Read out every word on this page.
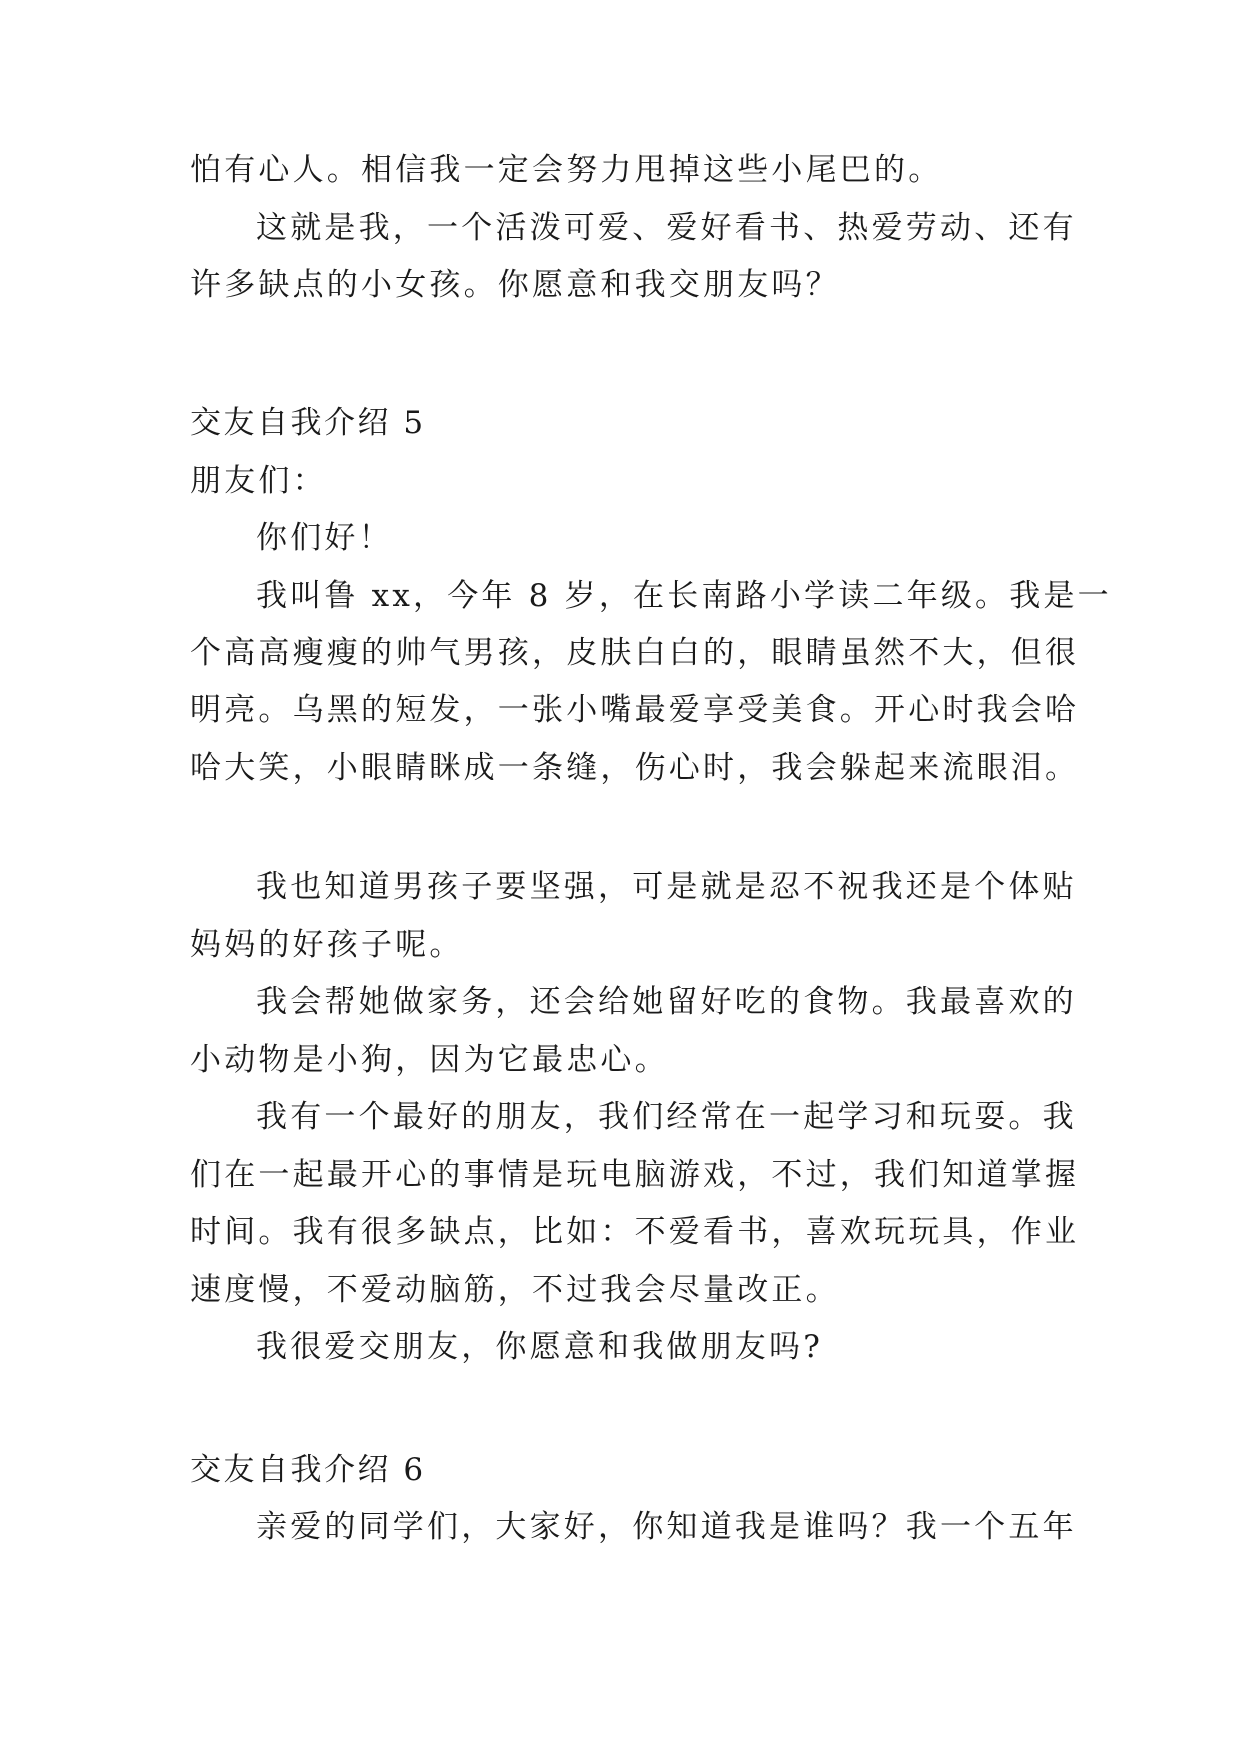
怕有心人。相信我一定会努力甩掉这些小尾巴的。
这就是我，一个活泼可爱、爱好看书、热爱劳动、还有
许多缺点的小女孩。你愿意和我交朋友吗？
交友自我介绍 5
朋友们：
你们好！
我叫鲁 xx，今年 8 岁，在长南路小学读二年级。我是一
个高高瘦瘦的帅气男孩，皮肤白白的，眼睛虽然不大，但很
明亮。乌黑的短发，一张小嘴最爱享受美食。开心时我会哈
哈大笑，小眼睛眯成一条缝，伤心时，我会躲起来流眼泪。
我也知道男孩子要坚强，可是就是忍不祝我还是个体贴
妈妈的好孩子呢。
我会帮她做家务，还会给她留好吃的食物。我最喜欢的
小动物是小狗，因为它最忠心。
我有一个最好的朋友，我们经常在一起学习和玩耍。我
们在一起最开心的事情是玩电脑游戏，不过，我们知道掌握
时间。我有很多缺点，比如：不爱看书，喜欢玩玩具，作业
速度慢，不爱动脑筋，不过我会尽量改正。
我很爱交朋友，你愿意和我做朋友吗?
交友自我介绍 6
亲爱的同学们，大家好，你知道我是谁吗？我一个五年
